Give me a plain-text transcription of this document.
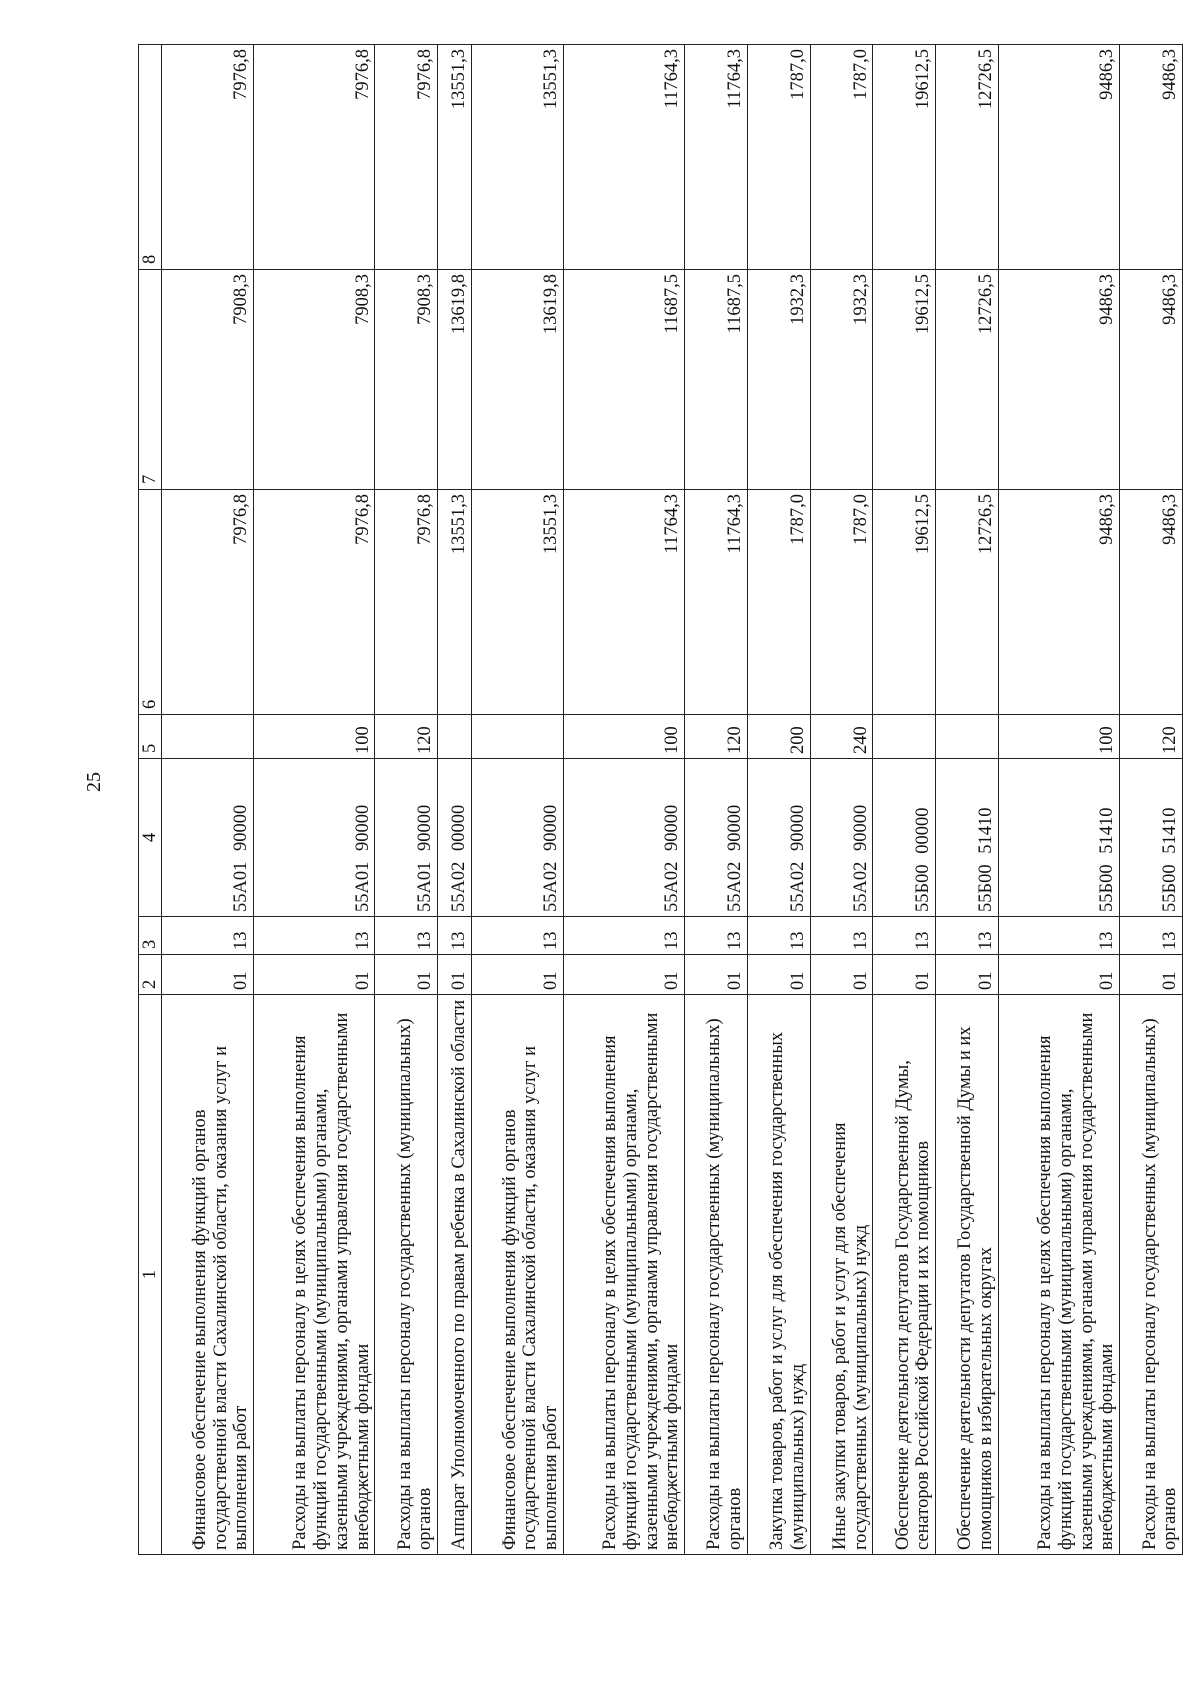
25
1	2	3	4	5	6	7	8
Финансовое обеспечение выполнения функций органов государственной власти Сахалинской области, оказания услуг и выполнения работ	01	13	55А01 90000		7976,8	7908,3	7976,8
Расходы на выплаты персоналу в целях обеспечения выполнения функций государственными (муниципальными) органами, казенными учреждениями, органами управления государственными внебюджетными фондами	01	13	55А01 90000	100	7976,8	7908,3	7976,8
Расходы на выплаты персоналу государственных (муниципальных) органов	01	13	55А01 90000	120	7976,8	7908,3	7976,8
Аппарат Уполномоченного по правам ребенка в Сахалинской области	01	13	55А02 00000		13551,3	13619,8	13551,3
Финансовое обеспечение выполнения функций органов государственной власти Сахалинской области, оказания услуг и выполнения работ	01	13	55А02 90000		13551,3	13619,8	13551,3
Расходы на выплаты персоналу в целях обеспечения выполнения функций государственными (муниципальными) органами, казенными учреждениями, органами управления государственными внебюджетными фондами	01	13	55А02 90000	100	11764,3	11687,5	11764,3
Расходы на выплаты персоналу государственных (муниципальных) органов	01	13	55А02 90000	120	11764,3	11687,5	11764,3
Закупка товаров, работ и услуг для обеспечения государственных (муниципальных) нужд	01	13	55А02 90000	200	1787,0	1932,3	1787,0
Иные закупки товаров, работ и услуг для обеспечения государственных (муниципальных) нужд	01	13	55А02 90000	240	1787,0	1932,3	1787,0
Обеспечение деятельности депутатов Государственной Думы, сенаторов Российской Федерации и их помощников	01	13	55Б00 00000		19612,5	19612,5	19612,5
Обеспечение деятельности депутатов Государственной Думы и их помощников в избирательных округах	01	13	55Б00 51410		12726,5	12726,5	12726,5
Расходы на выплаты персоналу в целях обеспечения выполнения функций государственными (муниципальными) органами, казенными учреждениями, органами управления государственными внебюджетными фондами	01	13	55Б00 51410	100	9486,3	9486,3	9486,3
Расходы на выплаты персоналу государственных (муниципальных) органов	01	13	55Б00 51410	120	9486,3	9486,3	9486,3
